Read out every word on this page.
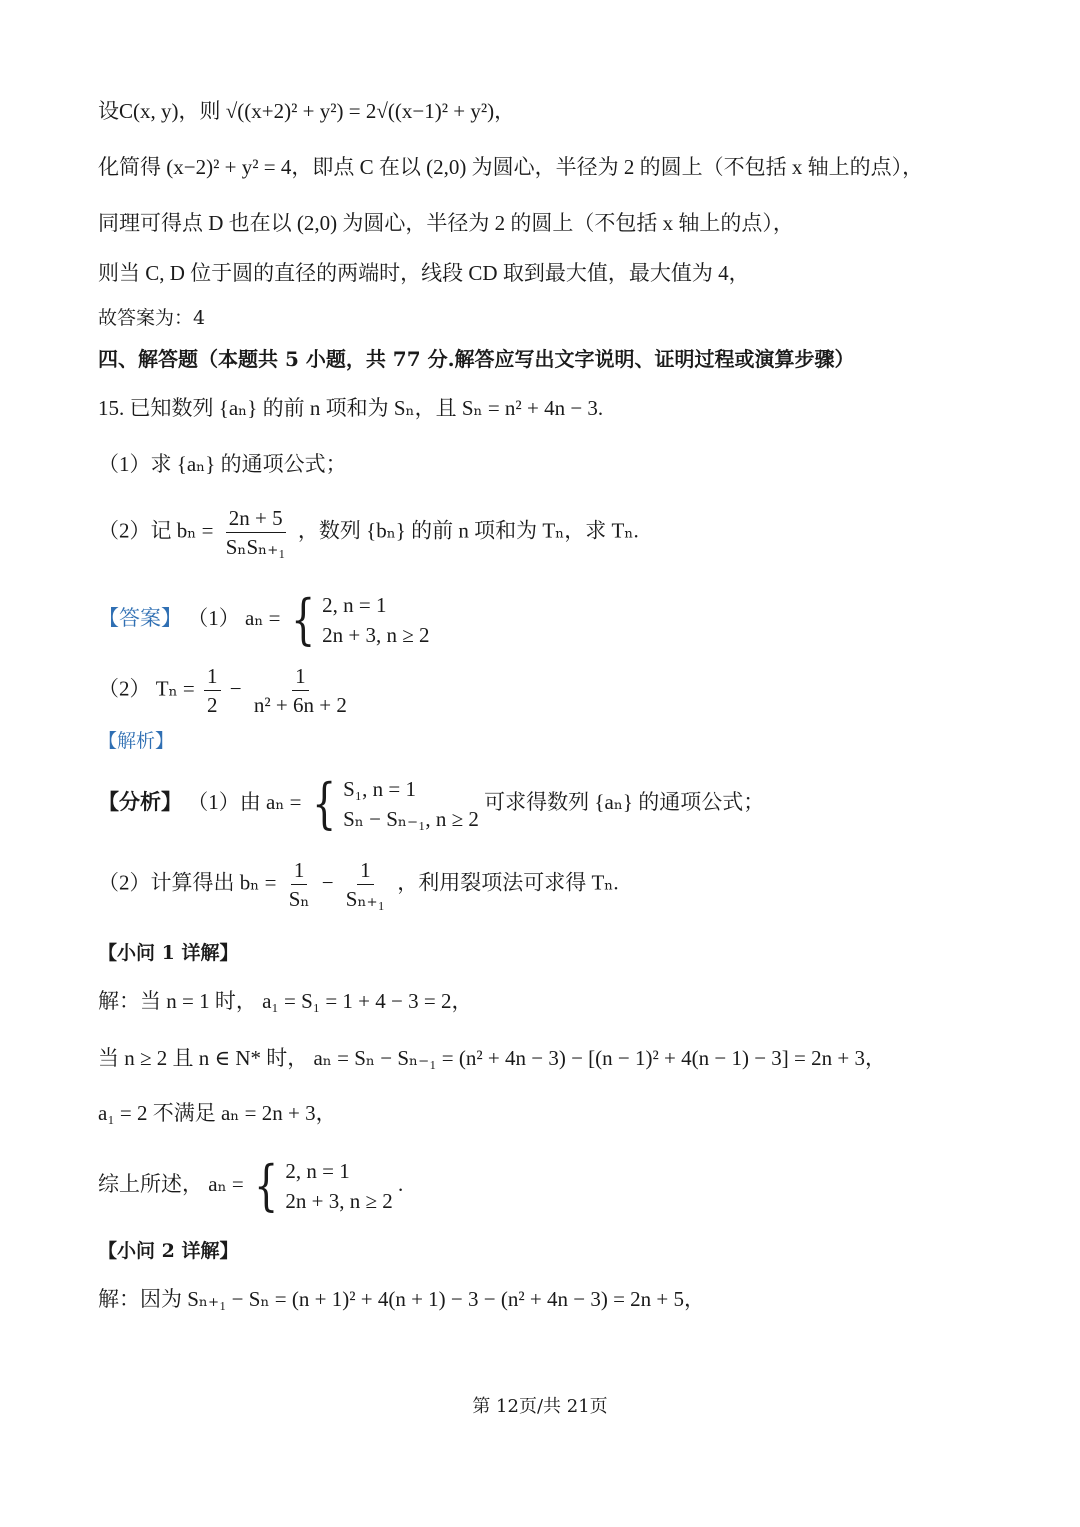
设C(x, y)，则 √((x+2)² + y²) = 2√((x−1)² + y²)，
化简得 (x−2)² + y² = 4，即点 C 在以 (2,0) 为圆心，半径为 2 的圆上（不包括 x 轴上的点），
同理可得点 D 也在以 (2,0) 为圆心，半径为 2 的圆上（不包括 x 轴上的点），
则当 C, D 位于圆的直径的两端时，线段 CD 取到最大值，最大值为 4，
故答案为：4
四、解答题（本题共 5 小题，共 77 分.解答应写出文字说明、证明过程或演算步骤）
15. 已知数列 {aₙ} 的前 n 项和为 Sₙ，且 Sₙ = n² + 4n − 3.
（1）求 {aₙ} 的通项公式；
（2）记 $b_n = \frac{2n + 5}{\text{SₙSₙ₊₁}}$ ，数列 {bₙ} 的前 n 项和为 Tₙ，求 Tₙ.
【答案】 （1） aₙ = { 2, n = 1
2n + 3, n ≥ 2
（2） $T_n = \frac{1}{2} - \frac{1}{\text{n² + 6n + 2}}$
【解析】
【分析】 （1）由 aₙ = { S₁, n = 1
Sₙ − Sₙ₋₁, n ≥ 2
可求得数列 {aₙ} 的通项公式；
（2）计算得出 $b_n = \frac{1}{\text{Sₙ}} - \frac{1}{\text{Sₙ₊₁}}$ ，利用裂项法可求得 Tₙ.
【小问 1 详解】
解：当 n = 1 时， a₁ = S₁ = 1 + 4 − 3 = 2，
当 n ≥ 2 且 n ∈ N* 时， aₙ = Sₙ − Sₙ₋₁ = (n² + 4n − 3) − [(n − 1)² + 4(n − 1) − 3] = 2n + 3，
a₁ = 2 不满足 aₙ = 2n + 3，
综上所述， aₙ = { 2, n = 1
2n + 3, n ≥ 2
.
【小问 2 详解】
解：因为 Sₙ₊₁ − Sₙ = (n + 1)² + 4(n + 1) − 3 − (n² + 4n − 3) = 2n + 5，
第 12页/共 21页
